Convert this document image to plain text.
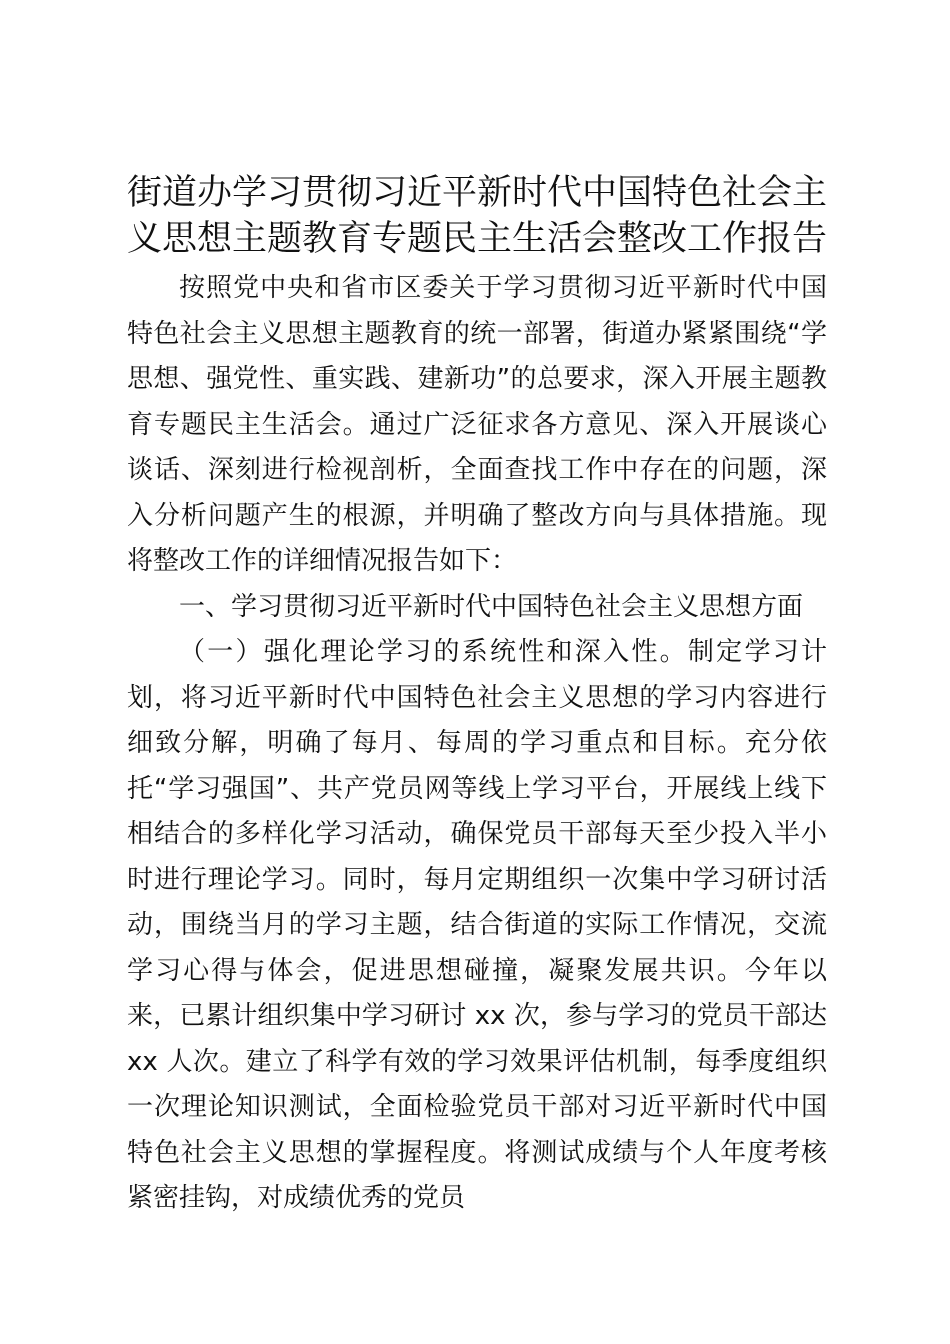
街道办学习贯彻习近平新时代中国特色社会主义思想主题教育专题民主生活会整改工作报告

按照党中央和省市区委关于学习贯彻习近平新时代中国特色社会主义思想主题教育的统一部署，街道办紧紧围绕“学思想、强党性、重实践、建新功”的总要求，深入开展主题教育专题民主生活会。通过广泛征求各方意见、深入开展谈心谈话、深刻进行检视剖析，全面查找工作中存在的问题，深入分析问题产生的根源，并明确了整改方向与具体措施。现将整改工作的详细情况报告如下：

一、学习贯彻习近平新时代中国特色社会主义思想方面

（一）强化理论学习的系统性和深入性。制定学习计划，将习近平新时代中国特色社会主义思想的学习内容进行细致分解，明确了每月、每周的学习重点和目标。充分依托“学习强国”、共产党员网等线上学习平台，开展线上线下相结合的多样化学习活动，确保党员干部每天至少投入半小时进行理论学习。同时，每月定期组织一次集中学习研讨活动，围绕当月的学习主题，结合街道的实际工作情况，交流学习心得与体会，促进思想碰撞，凝聚发展共识。今年以来，已累计组织集中学习研讨 xx 次，参与学习的党员干部达 xx 人次。建立了科学有效的学习效果评估机制，每季度组织一次理论知识测试，全面检验党员干部对习近平新时代中国特色社会主义思想的掌握程度。将测试成绩与个人年度考核紧密挂钩，对成绩优秀的党员
